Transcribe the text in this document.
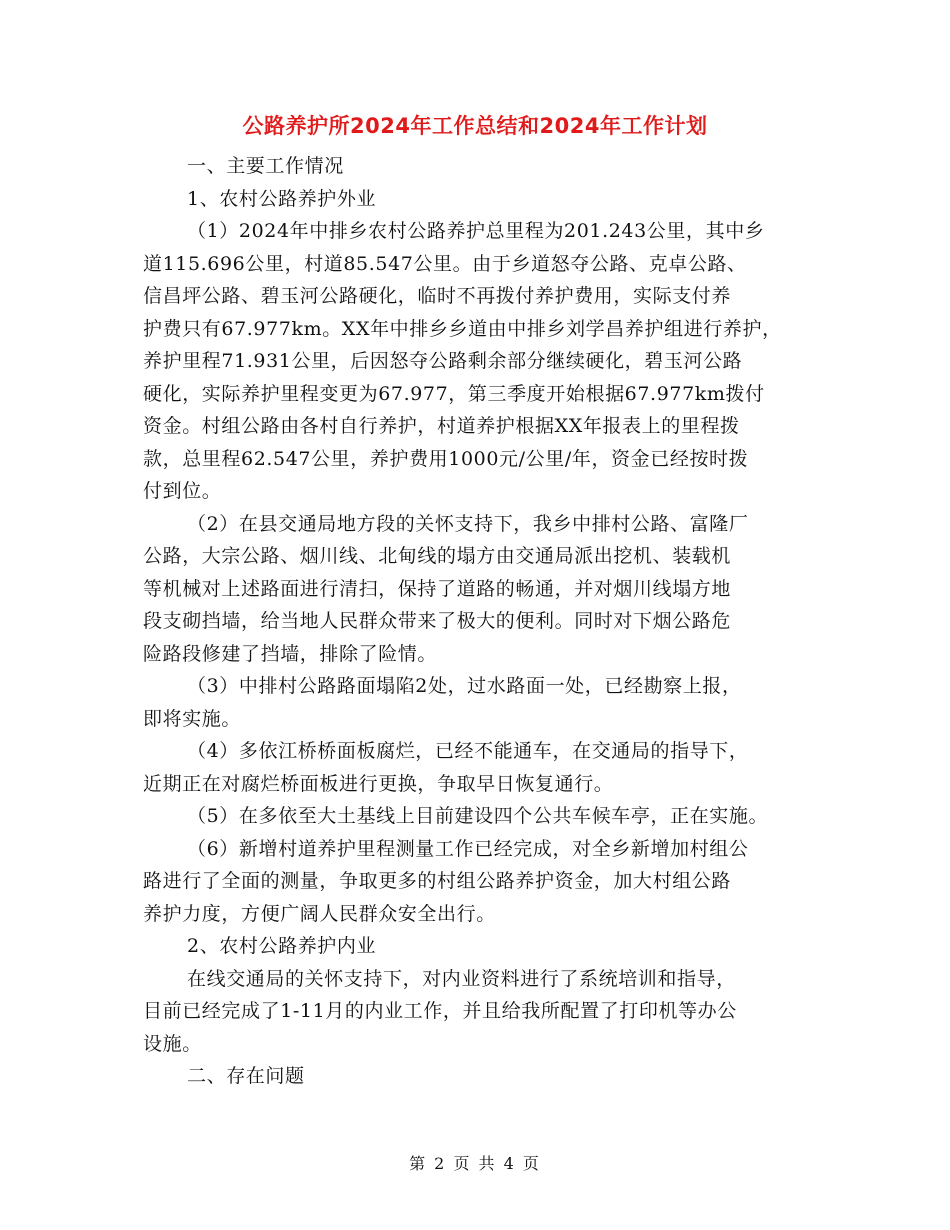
公路养护所2024年工作总结和2024年工作计划
一、主要工作情况
1、农村公路养护外业
（1）2024年中排乡农村公路养护总里程为201.243公里，其中乡
道115.696公里，村道85.547公里。由于乡道怒夺公路、克卓公路、
信昌坪公路、碧玉河公路硬化，临时不再拨付养护费用，实际支付养
护费只有67.977km。XX年中排乡乡道由中排乡刘学昌养护组进行养护，
养护里程71.931公里，后因怒夺公路剩余部分继续硬化，碧玉河公路
硬化，实际养护里程变更为67.977，第三季度开始根据67.977km拨付
资金。村组公路由各村自行养护，村道养护根据XX年报表上的里程拨
款，总里程62.547公里，养护费用1000元/公里/年，资金已经按时拨
付到位。
（2）在县交通局地方段的关怀支持下，我乡中排村公路、富隆厂
公路，大宗公路、烟川线、北甸线的塌方由交通局派出挖机、装载机
等机械对上述路面进行清扫，保持了道路的畅通，并对烟川线塌方地
段支砌挡墙，给当地人民群众带来了极大的便利。同时对下烟公路危
险路段修建了挡墙，排除了险情。
（3）中排村公路路面塌陷2处，过水路面一处，已经勘察上报，
即将实施。
（4）多依江桥桥面板腐烂，已经不能通车，在交通局的指导下，
近期正在对腐烂桥面板进行更换，争取早日恢复通行。
（5）在多依至大土基线上目前建设四个公共车候车亭，正在实施。
（6）新增村道养护里程测量工作已经完成，对全乡新增加村组公
路进行了全面的测量，争取更多的村组公路养护资金，加大村组公路
养护力度，方便广阔人民群众安全出行。
2、农村公路养护内业
在线交通局的关怀支持下，对内业资料进行了系统培训和指导，
目前已经完成了1-11月的内业工作，并且给我所配置了打印机等办公
设施。
二、存在问题
第 2 页 共 4 页
